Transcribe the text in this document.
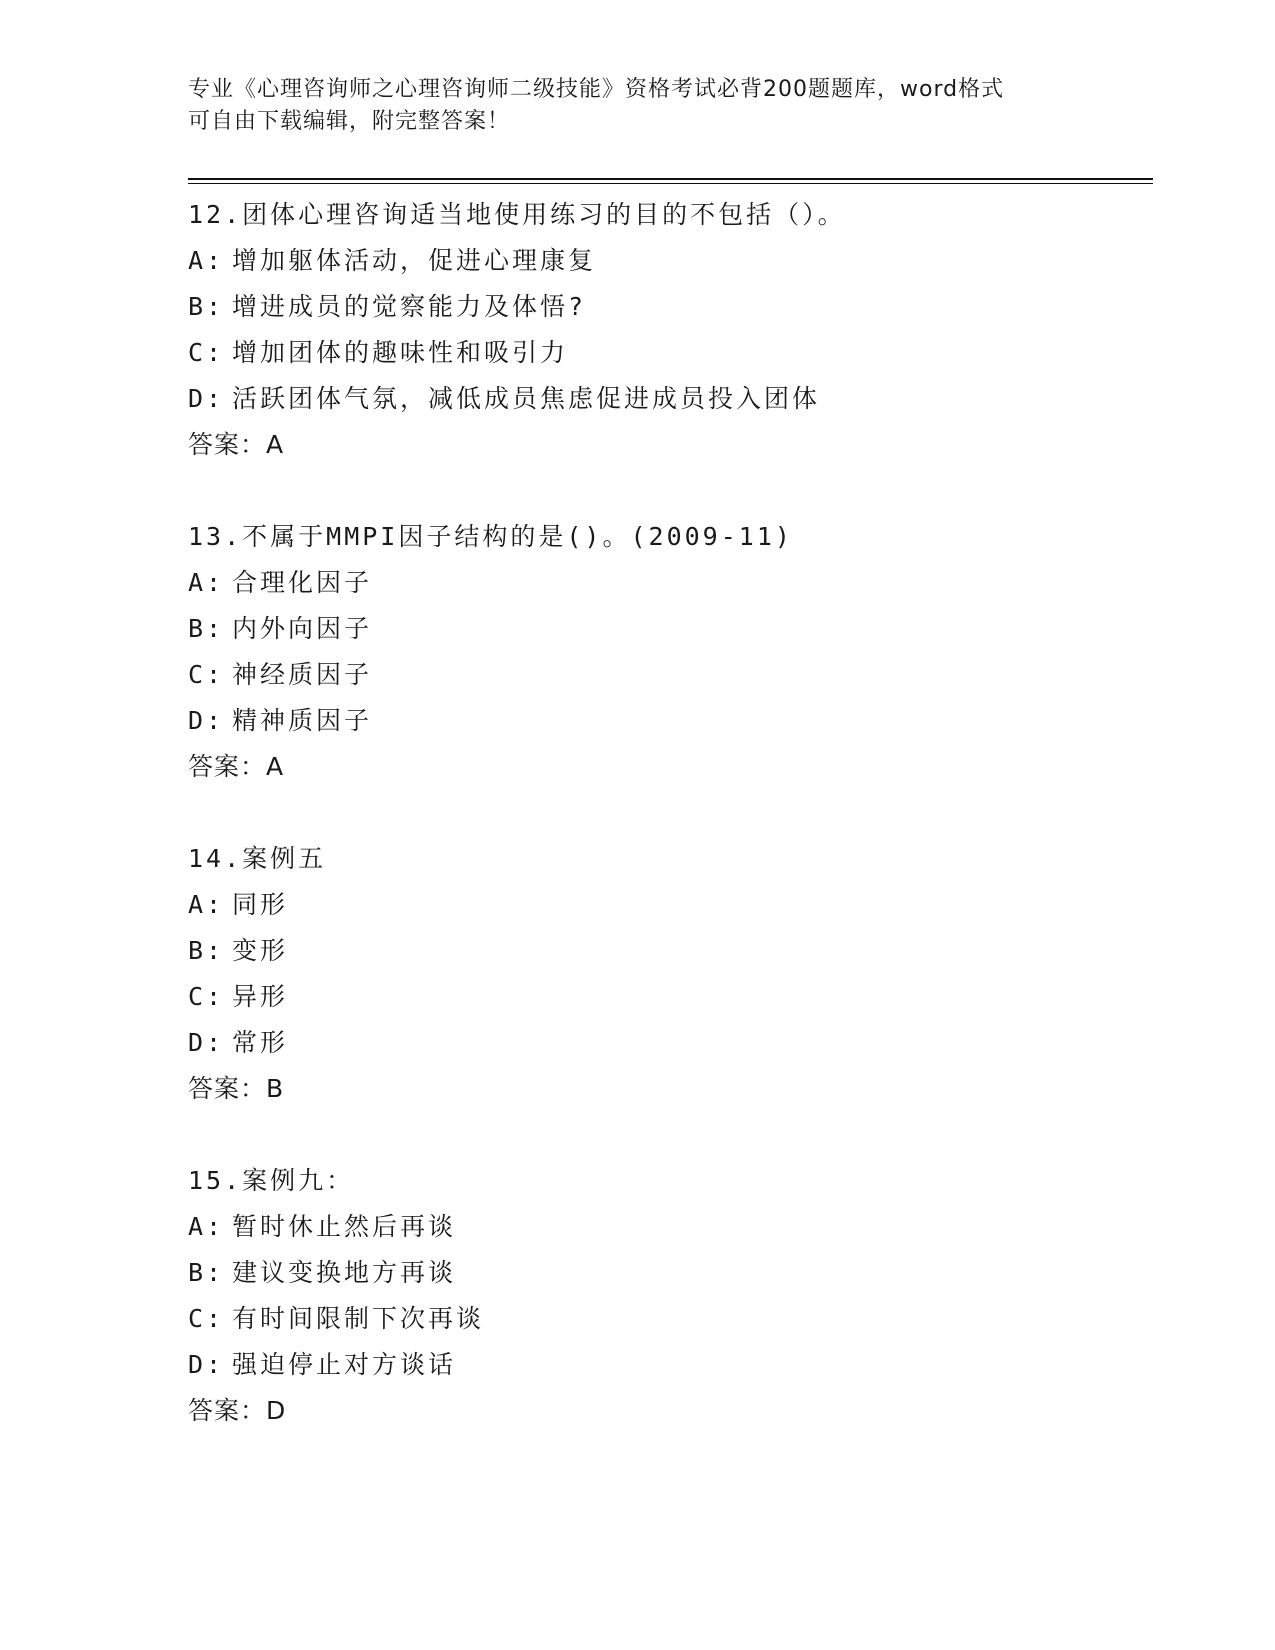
专业《心理咨询师之心理咨询师二级技能》资格考试必背200题题库，word格式
可自由下载编辑，附完整答案！
12.团体心理咨询适当地使用练习的目的不包括（）。
A: 增加躯体活动，促进心理康复
B: 增进成员的觉察能力及体悟?
C: 增加团体的趣味性和吸引力
D: 活跃团体气氛，减低成员焦虑促进成员投入团体
答案：A
13.不属于MMPI因子结构的是()。(2009-11)
A: 合理化因子
B: 内外向因子
C: 神经质因子
D: 精神质因子
答案：A
14.案例五
A: 同形
B: 变形
C: 异形
D: 常形
答案：B
15.案例九：
A: 暂时休止然后再谈
B: 建议变换地方再谈
C: 有时间限制下次再谈
D: 强迫停止对方谈话
答案：D
